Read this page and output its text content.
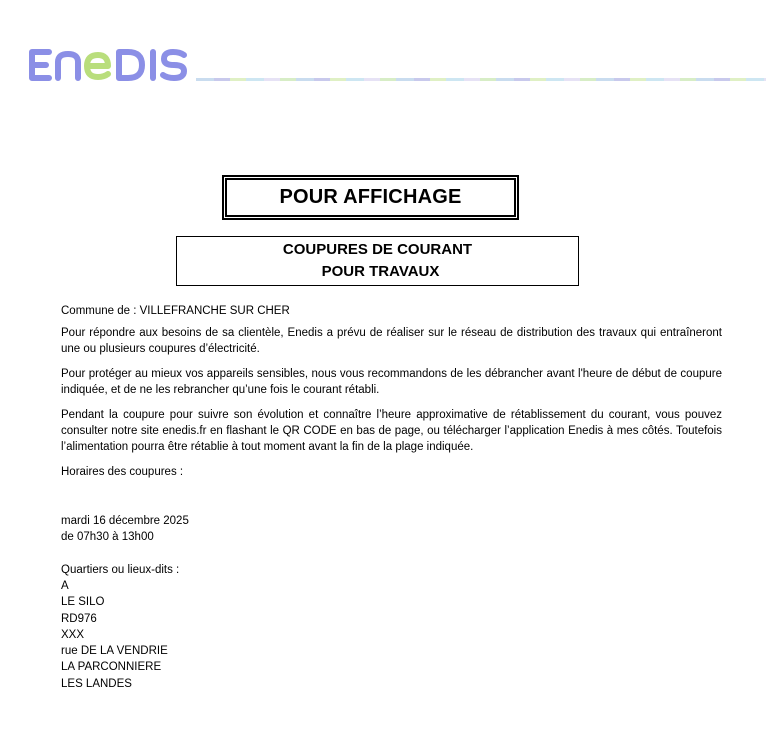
POUR AFFICHAGE
COUPURES DE COURANT
POUR TRAVAUX

Commune de : VILLEFRANCHE SUR CHER

Pour répondre aux besoins de sa clientèle, Enedis a prévu de réaliser sur le réseau de distribution des travaux qui entraîneront une ou plusieurs coupures d’électricité.

Pour protéger au mieux vos appareils sensibles, nous vous recommandons de les débrancher avant l'heure de début de coupure indiquée, et de ne les rebrancher qu’une fois le courant rétabli.

Pendant la coupure pour suivre son évolution et connaître l’heure approximative de rétablissement du courant, vous pouvez consulter notre site enedis.fr en flashant le QR CODE en bas de page, ou télécharger l’application Enedis à mes côtés. Toutefois l’alimentation pourra être rétablie à tout moment avant la fin de la plage indiquée.

Horaires des coupures :

mardi 16 décembre 2025

de 07h30 à 13h00

Quartiers ou lieux-dits :

A
LE SILO
RD976
XXX
rue DE LA VENDRIE
LA PARCONNIERE
LES LANDES
